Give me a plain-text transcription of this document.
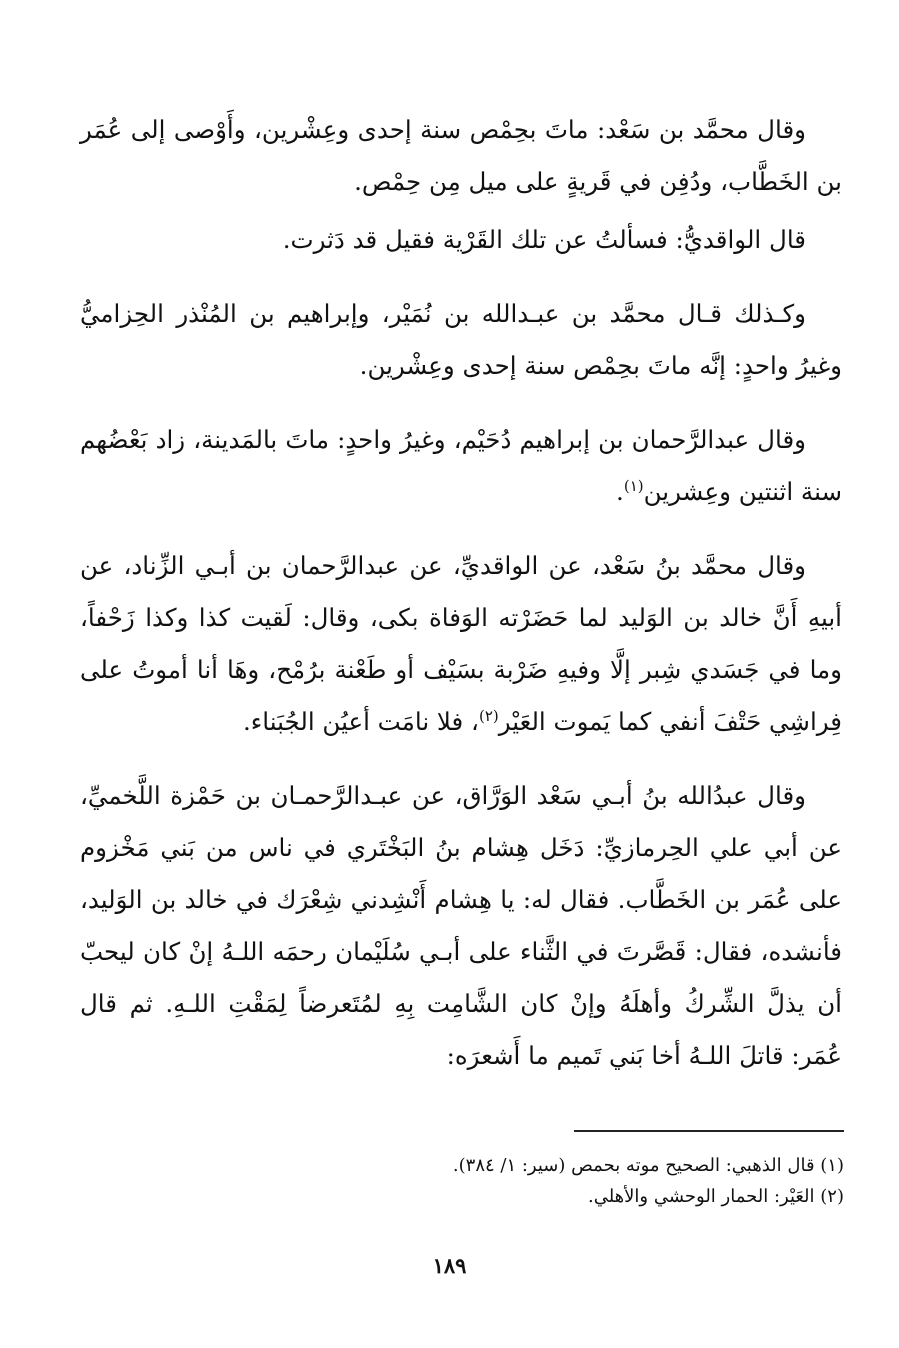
وقال محمَّد بن سَعْد: ماتَ بحِمْص سنة إحدى وعِشْرين، وأَوْصى إلى عُمَر بن الخَطَّاب، ودُفِن في قَريةٍ على ميل مِن حِمْص.

قال الواقديُّ: فسألتُ عن تلك القَرْية فقيل قد دَثرت.

وكـذلك قـال محمَّد بن عبـدالله بن نُمَيْر، وإبراهيم بن المُنْذر الحِزاميُّ وغيرُ واحدٍ: إنَّه ماتَ بحِمْص سنة إحدى وعِشْرين.

وقال عبدالرَّحمان بن إبراهيم دُحَيْم، وغيرُ واحدٍ: ماتَ بالمَدينة، زاد بَعْضُهم سنة اثنتين وعِشرين$^{(١)}$.

وقال محمَّد بنُ سَعْد، عن الواقديِّ، عن عبدالرَّحمان بن أبـي الزِّناد، عن أبيهِ أَنَّ خالد بن الوَليد لما حَضَرْته الوَفاة بكى، وقال: لَقيت كذا وكذا زَحْفاً، وما في جَسَدي شِبر إلَّا وفيهِ ضَرْبة بسَيْف أو طَعْنة برُمْح، وهَا أنا أموتُ على فِراشِي حَتْفَ أنفي كما يَموت العَيْر$^{(٢)}$، فلا نامَت أعيُن الجُبَناء.

وقال عبدُالله بنُ أبـي سَعْد الوَرَّاق، عن عبـدالرَّحمـان بن حَمْزة اللَّخميِّ، عن أبي علي الحِرمازيِّ: دَخَل هِشام بنُ البَخْتَري في ناس من بَني مَخْزوم على عُمَر بن الخَطَّاب. فقال له: يا هِشام أَنْشِدني شِعْرَك في خالد بن الوَليد، فأنشده، فقال: قَصَّرتَ في الثَّناء على أبـي سُلَيْمان رحمَه اللـهُ إنْ كان ليحبّ أن يذلَّ الشِّركُ وأهلَهُ وإنْ كان الشَّامِت بِهِ لمُتَعرضاً لِمَقْتِ اللـهِ. ثم قال عُمَر: قاتلَ اللـهُ أخا بَني تَميم ما أَشعرَه:

(١) قال الذهبي: الصحيح موته بحمص (سير: ١/ ٣٨٤).

(٢) العَيْر: الحمار الوحشي والأهلي.

١٨٩
